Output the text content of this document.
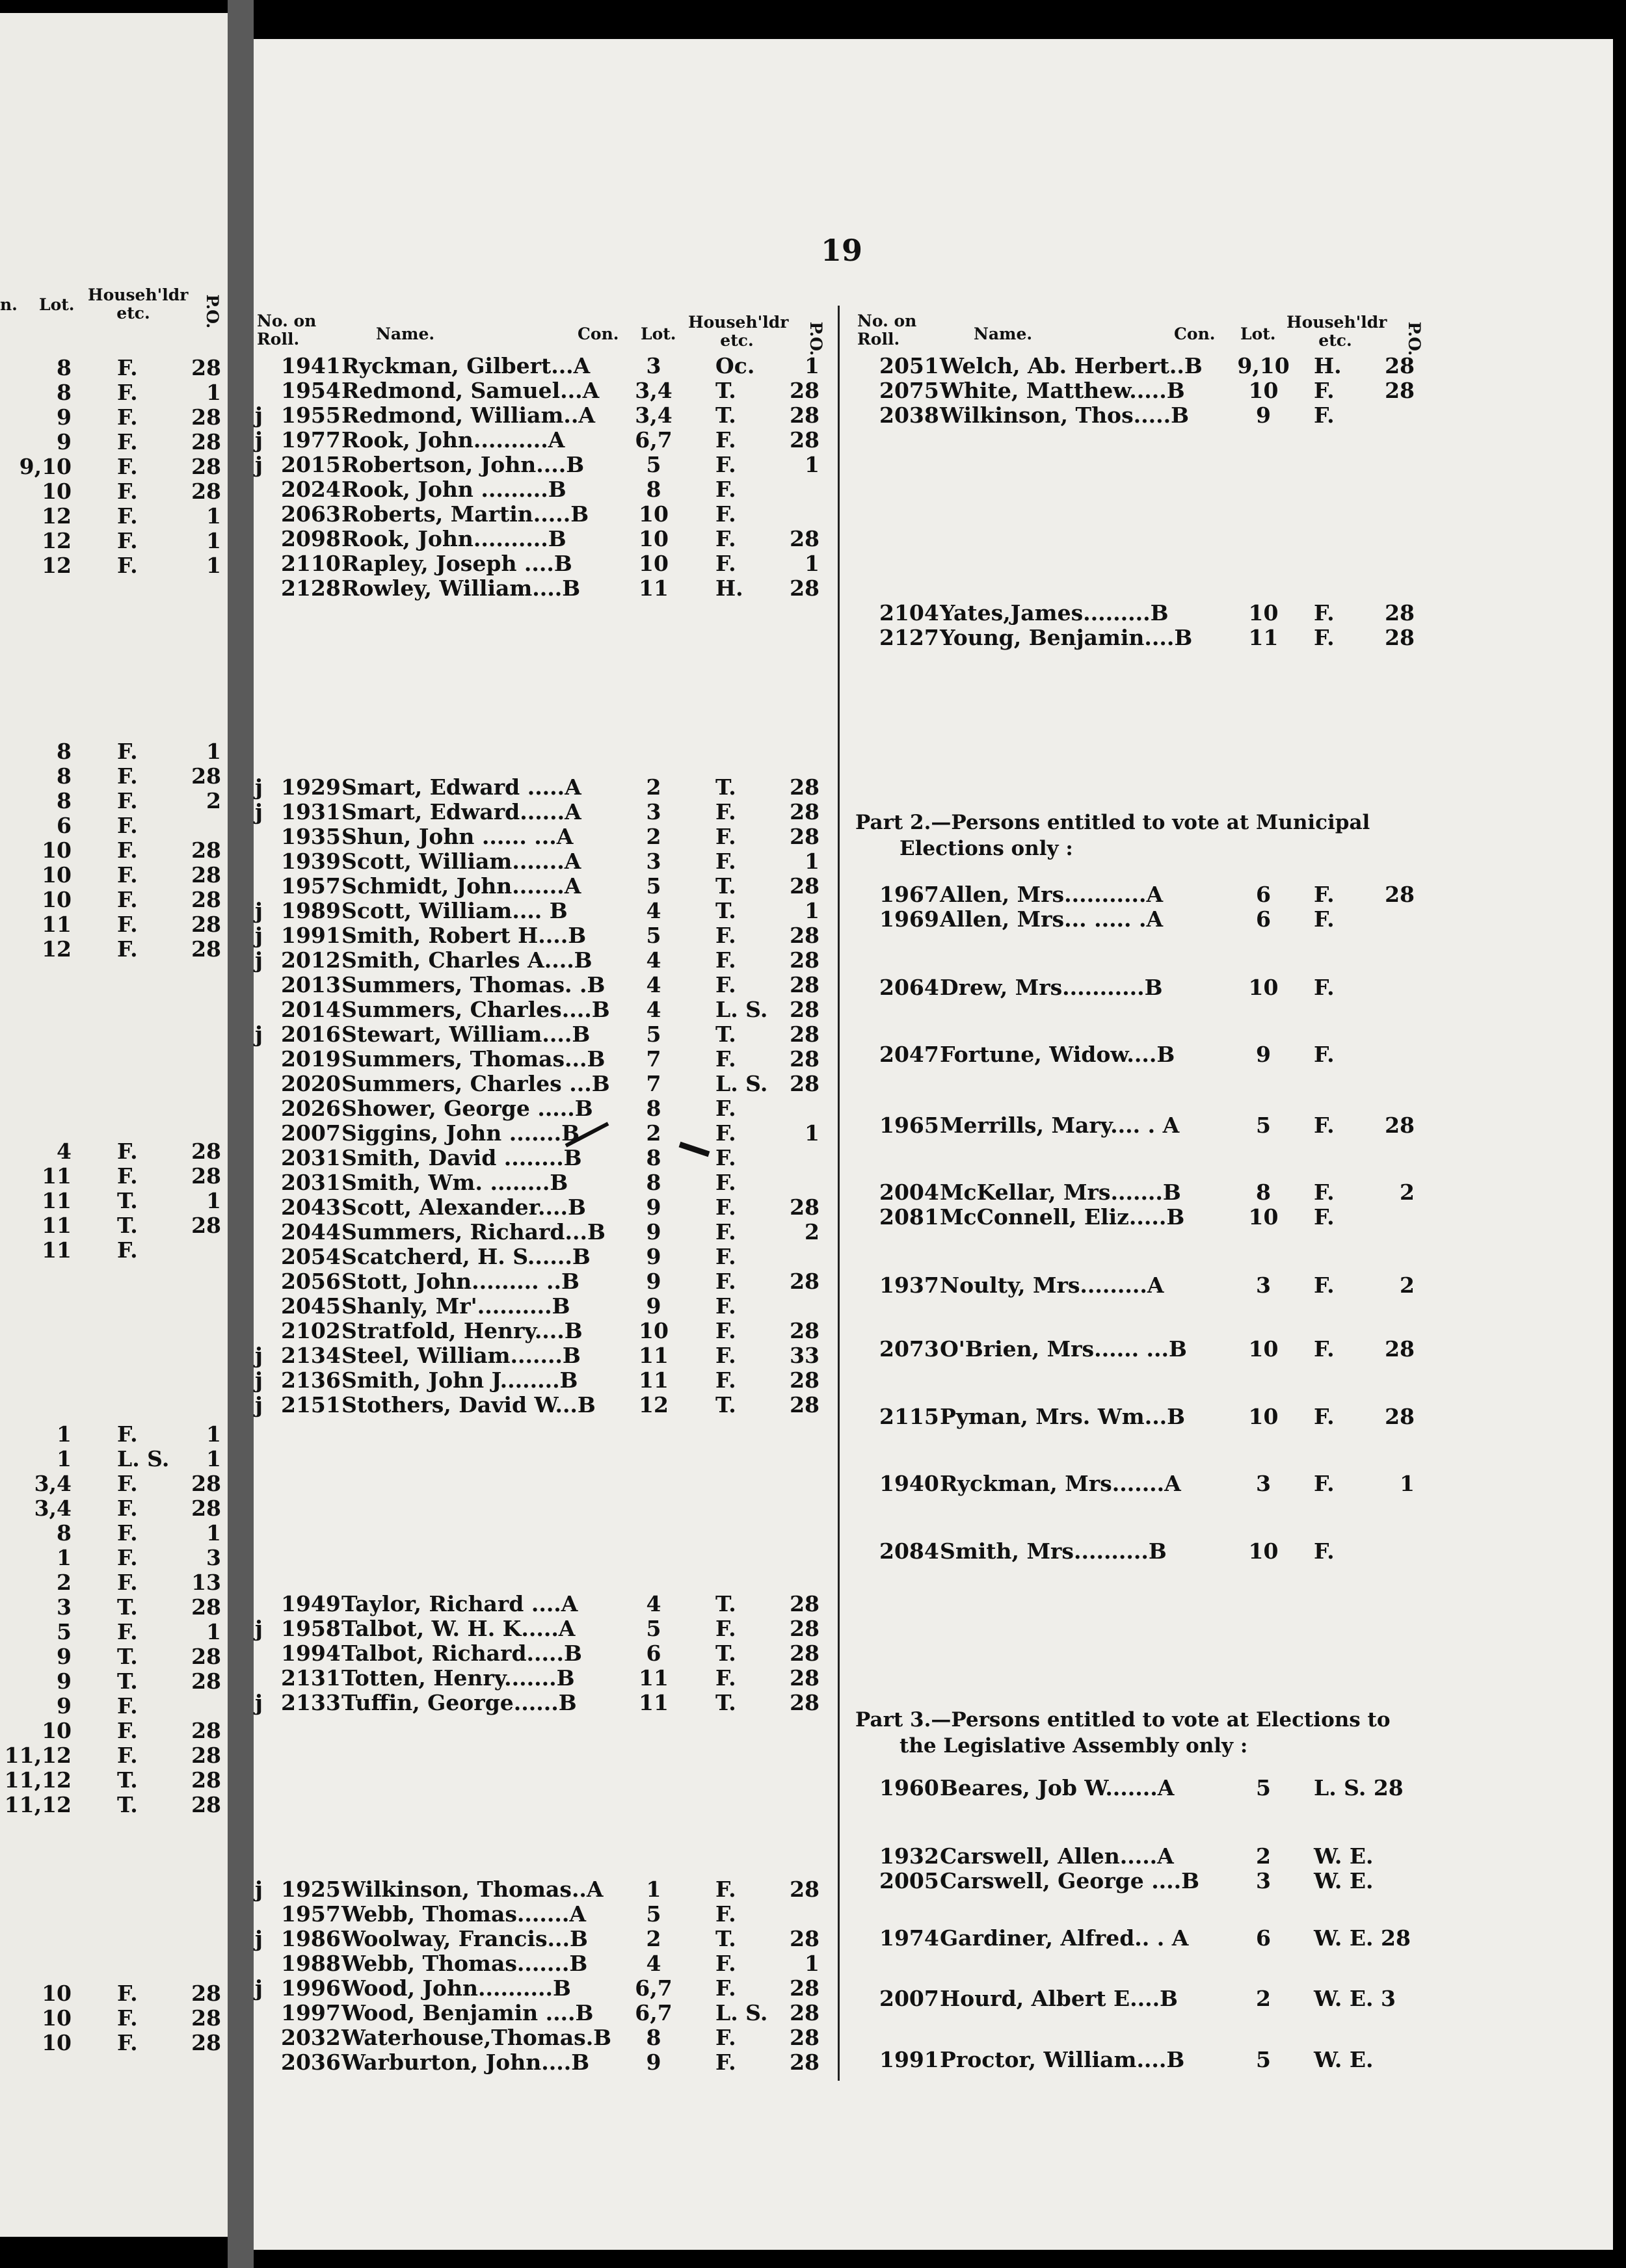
19
n. Lot.
Househ'ldr etc.	P.O. No. on Roll.	Name.	Con. Lot.
Househ'ldr etc.	P.O.
No. on Roll.	Name.	Con. Lot.
Househ'ldr etc.	P.O.
8 F.	28
8 F.	1
9 F.	28
9 F.	28
9,10 F.	28
10 F.	28
12 F.	1
12 F.	1
12 F.	1
8 F.	1
8 F.	28
8 F.	2
6 F.
10 F.	28
10 F.	28
10 F.	28
11 F.	28
12 F.	28
4 F.	28
11 F.	28
11 T.	1
11 T.	28
11 F.
1 F.	1
1 L. S.	1
3,4 F.	28
3,4 F.	28
8 F.	1
1 F.	3
2 F.	13
3 T.	28
5 F.	1
9 T.	28
9 T.	28
9 F.
10 F.	28
11,12 F.	28
11,12 T.	28
11,12 T.	28
10 F.	28
10 F.	28
10 F.	28
1941 Ryckman, Gilbert...A	3	Oc.	1
1954 Redmond, Samuel...A	3,4	T.	28
j 1955 Redmond, William..A	3,4	T.	28
j 1977 Rook, John..........A	6,7	F.	28
j 2015 Robertson, John....B	5	F.	1
2024 Rook, John .........B	8	F.
2063 Roberts, Martin.....B	10	F.
2098 Rook, John..........B	10	F.	28
2110 Rapley, Joseph ....B	10	F.	1
2128 Rowley, William....B	11	H.	28
j 1929 Smart, Edward .....A	2	T.	28
j 1931 Smart, Edward......A	3	F.	28
1935 Shun, John ...... ...A	2	F.	28
1939 Scott, William.......A	3	F.	1
1957 Schmidt, John.......A	5	T.	28
j 1989 Scott, William.... B	4	T.	1
j 1991 Smith, Robert H....B	5	F.	28
j 2012 Smith, Charles A....B	4	F.	28
2013 Summers, Thomas. .B	4	F.	28
2014 Summers, Charles....B	4	L. S.	28
j 2016 Stewart, William....B	5	T.	28
2019 Summers, Thomas...B	7	F.	28
2020 Summers, Charles ...B	7	L. S.	28
2026 Shower, George .....B	8	F.
2007 Siggins, John .......B	2	F.	1
2031 Smith, David ........B	8	F.
2031 Smith, Wm. ........B	8	F.
2043 Scott, Alexander....B	9	F.	28
2044 Summers, Richard...B	9	F.	2
2054 Scatcherd, H. S......B	9	F.
2056 Stott, John......... ..B	9	F.	28
2045 Shanly, Mr'..........B	9	F.
2102 Stratfold, Henry....B	10	F.	28
j 2134 Steel, William.......B	11	F.	33
j 2136 Smith, John J........B	11	F.	28
j 2151 Stothers, David W...B	12	T.	28
1949 Taylor, Richard ....A	4	T.	28
j 1958 Talbot, W. H. K.....A	5	F.	28
1994 Talbot, Richard.....B	6	T.	28
2131 Totten, Henry.......B	11	F.	28
j 2133 Tuffin, George......B	11	T.	28
j 1925 Wilkinson, Thomas..A	1	F.	28
1957 Webb, Thomas.......A	5	F.
j 1986 Woolway, Francis...B	2	T.	28
1988 Webb, Thomas.......B	4	F.	1
j 1996 Wood, John..........B	6,7	F.	28
1997 Wood, Benjamin ....B	6,7	L. S.	28
2032 Waterhouse,Thomas.B	8	F.	28
2036 Warburton, John....B	9	F.	28
2051 Welch, Ab. Herbert..B 9,10 H.	28
2075 White, Matthew.....B	10	F.	28
2038 Wilkinson, Thos.....B	9	F.
2104 Yates,James.........B	10	F.	28
2127 Young, Benjamin....B	11	F.	28
Part 2.—Persons entitled to vote at Municipal
Elections only :
1967 Allen, Mrs...........A	6	F.	28
1969 Allen, Mrs... ..... .A	6	F.
2064 Drew, Mrs...........B	10	F.
2047 Fortune, Widow....B	9	F.
1965 Merrills, Mary.... . A	5	F.	28
2004 McKellar, Mrs.......B	8	F.	2
2081 McConnell, Eliz.....B	10	F.
1937 Noulty, Mrs.........A	3	F.	2
2073 O'Brien, Mrs...... ...B	10	F.	28
2115 Pyman, Mrs. Wm...B	10	F.	28
1940 Ryckman, Mrs.......A	3	F.	1
2084 Smith, Mrs..........B	10	F.
Part 3.—Persons entitled to vote at Elections to
the Legislative Assembly only :
1960 Beares, Job W.......A	5	L. S. 28
1932 Carswell, Allen.....A	2	W. E.
2005 Carswell, George ....B	3	W. E.
1974 Gardiner, Alfred.. . A	6	W. E. 28
2007 Hourd, Albert E....B	2	W. E. 3
1991 Proctor, William....B	5	W. E.
